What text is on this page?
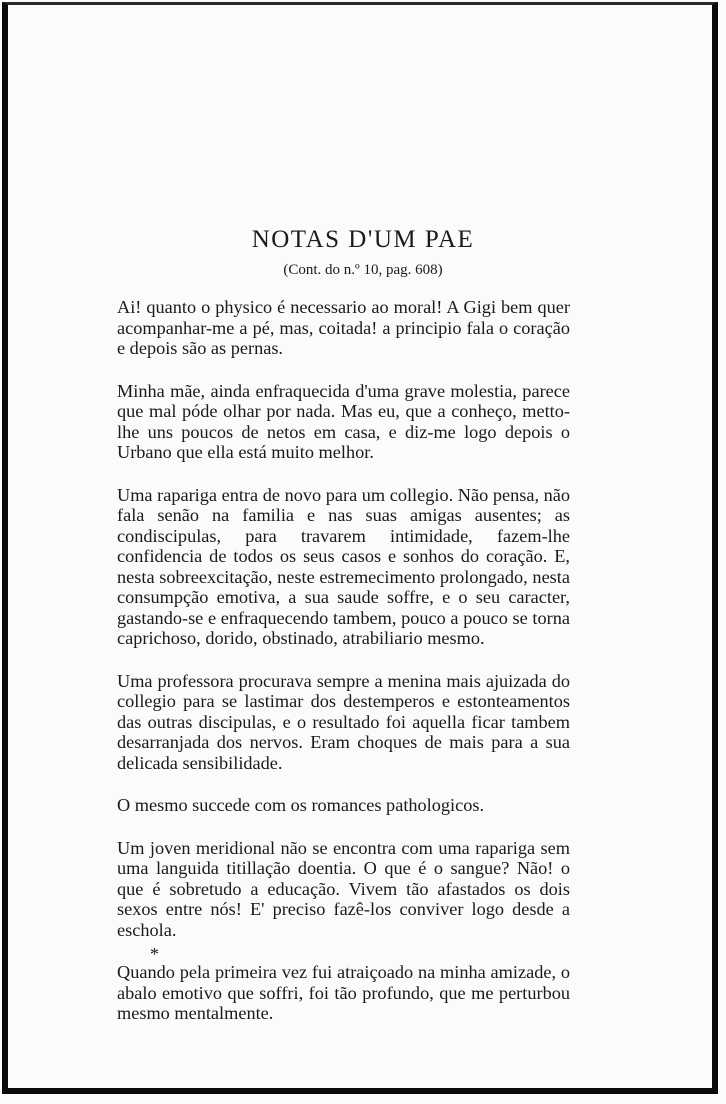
NOTAS D'UM PAE

(Cont. do n.º 10, pag. 608)

Ai! quanto o physico é necessario ao moral! A Gigi bem quer acompanhar-me a pé, mas, coitada! a principio fala o coração e depois são as pernas.

Minha mãe, ainda enfraquecida d'uma grave molestia, parece que mal póde olhar por nada. Mas eu, que a conheço, metto-lhe uns poucos de netos em casa, e diz-me logo depois o Urbano que ella está muito melhor.

Uma rapariga entra de novo para um collegio. Não pensa, não fala senão na familia e nas suas amigas ausentes; as condiscipulas, para travarem intimidade, fazem-lhe confidencia de todos os seus casos e sonhos do coração. E, nesta sobreexcitação, neste estremecimento prolongado, nesta consumpção emotiva, a sua saude soffre, e o seu caracter, gastando-se e enfraquecendo tambem, pouco a pouco se torna caprichoso, dorido, obstinado, atrabiliario mesmo.

Uma professora procurava sempre a menina mais ajuizada do collegio para se lastimar dos destemperos e estonteamentos das outras discipulas, e o resultado foi aquella ficar tambem desarranjada dos nervos. Eram choques de mais para a sua delicada sensibilidade.

O mesmo succede com os romances pathologicos.

Um joven meridional não se encontra com uma rapariga sem uma languida titillação doentia. O que é o sangue? Não! o que é sobretudo a educação. Vivem tão afastados os dois sexos entre nós! E' preciso fazê-los conviver logo desde a eschola.

Quando pela primeira vez fui atraiçoado na minha amizade, o abalo emotivo que soffri, foi tão profundo, que me perturbou mesmo mentalmente.

*
